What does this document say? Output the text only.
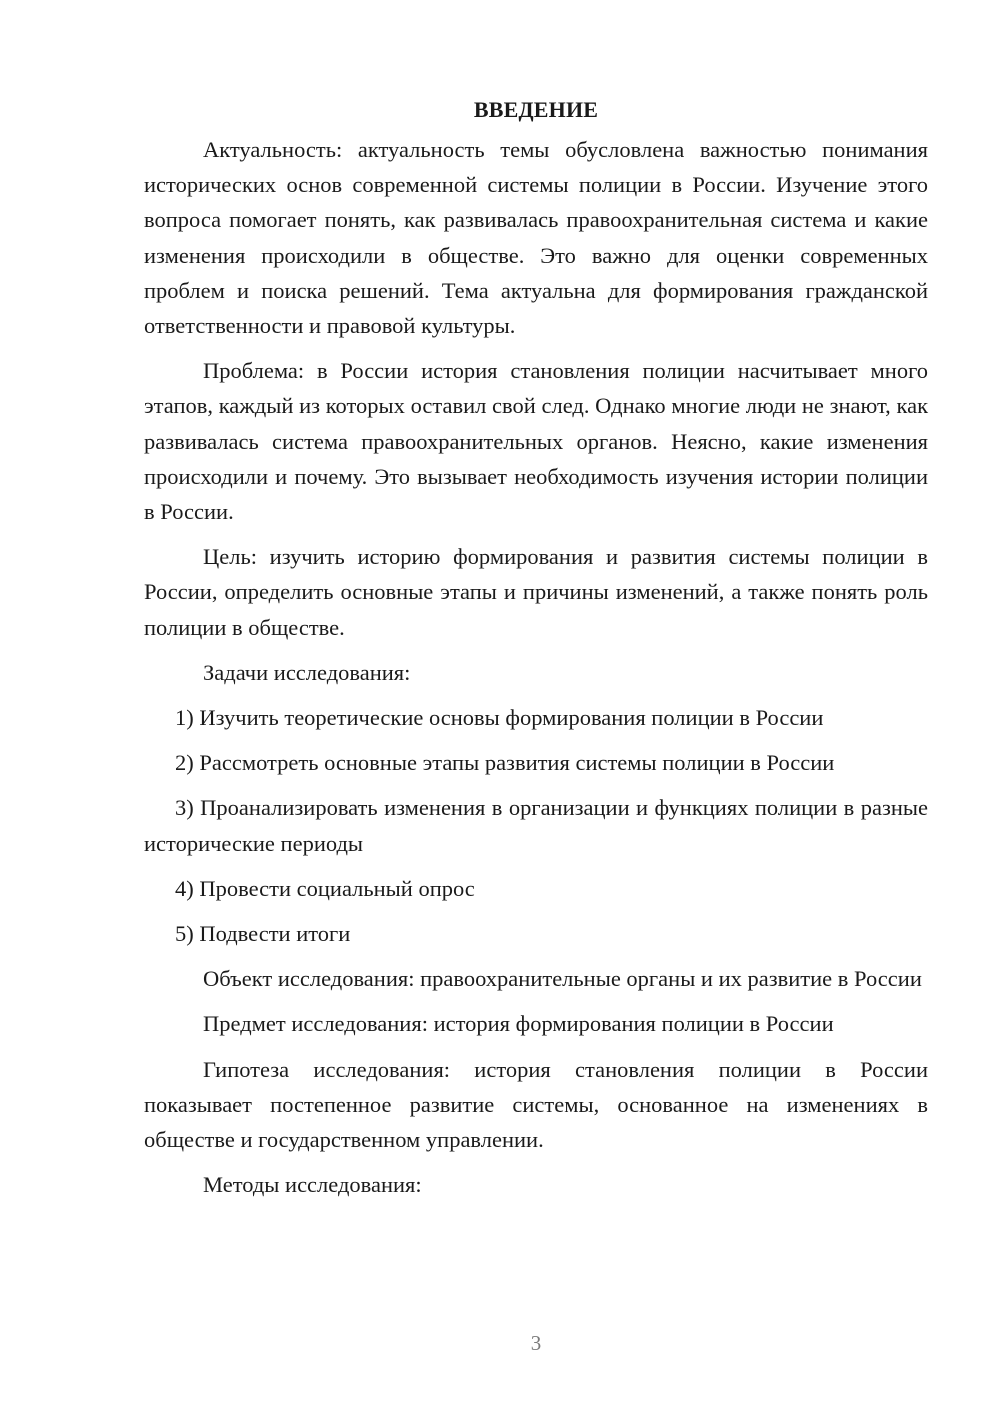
ВВЕДЕНИЕ

Актуальность: актуальность темы обусловлена важностью понимания исторических основ современной системы полиции в России. Изучение этого вопроса помогает понять, как развивалась правоохранительная система и какие изменения происходили в обществе. Это важно для оценки современных проблем и поиска решений. Тема актуальна для формирования гражданской ответственности и правовой культуры.

Проблема: в России история становления полиции насчитывает много этапов, каждый из которых оставил свой след. Однако многие люди не знают, как развивалась система правоохранительных органов. Неясно, какие изменения происходили и почему. Это вызывает необходимость изучения истории полиции в России.

Цель: изучить историю формирования и развития системы полиции в России, определить основные этапы и причины изменений, а также понять роль полиции в обществе.

Задачи исследования:

1) Изучить теоретические основы формирования полиции в России

2) Рассмотреть основные этапы развития системы полиции в России

3) Проанализировать изменения в организации и функциях полиции в разные исторические периоды

4) Провести социальный опрос

5) Подвести итоги

Объект исследования: правоохранительные органы и их развитие в России

Предмет исследования: история формирования полиции в России

Гипотеза исследования: история становления полиции в России показывает постепенное развитие системы, основанное на изменениях в обществе и государственном управлении.

Методы исследования:

3
